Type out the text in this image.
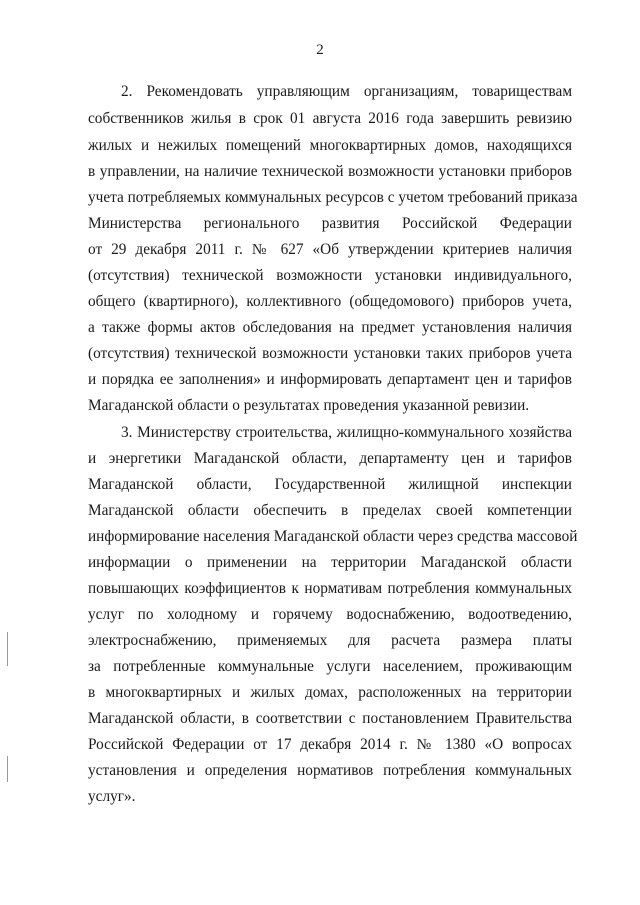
2
2. Рекомендовать управляющим организациям, товариществам
собственников жилья в срок 01 августа 2016 года завершить ревизию
жилых и нежилых помещений многоквартирных домов, находящихся
в управлении, на наличие технической возможности установки приборов
учета потребляемых коммунальных ресурсов с учетом требований приказа
Министерства регионального развития Российской Федерации
от 29 декабря 2011 г. № 627 «Об утверждении критериев наличия
(отсутствия) технической возможности установки индивидуального,
общего (квартирного), коллективного (общедомового) приборов учета,
а также формы актов обследования на предмет установления наличия
(отсутствия) технической возможности установки таких приборов учета
и порядка ее заполнения» и информировать департамент цен и тарифов
Магаданской области о результатах проведения указанной ревизии.
3. Министерству строительства, жилищно-коммунального хозяйства
и энергетики Магаданской области, департаменту цен и тарифов
Магаданской области, Государственной жилищной инспекции
Магаданской области обеспечить в пределах своей компетенции
информирование населения Магаданской области через средства массовой
информации о применении на территории Магаданской области
повышающих коэффициентов к нормативам потребления коммунальных
услуг по холодному и горячему водоснабжению, водоотведению,
электроснабжению, применяемых для расчета размера платы
за потребленные коммунальные услуги населением, проживающим
в многоквартирных и жилых домах, расположенных на территории
Магаданской области, в соответствии с постановлением Правительства
Российской Федерации от 17 декабря 2014 г. № 1380 «О вопросах
установления и определения нормативов потребления коммунальных
услуг».
